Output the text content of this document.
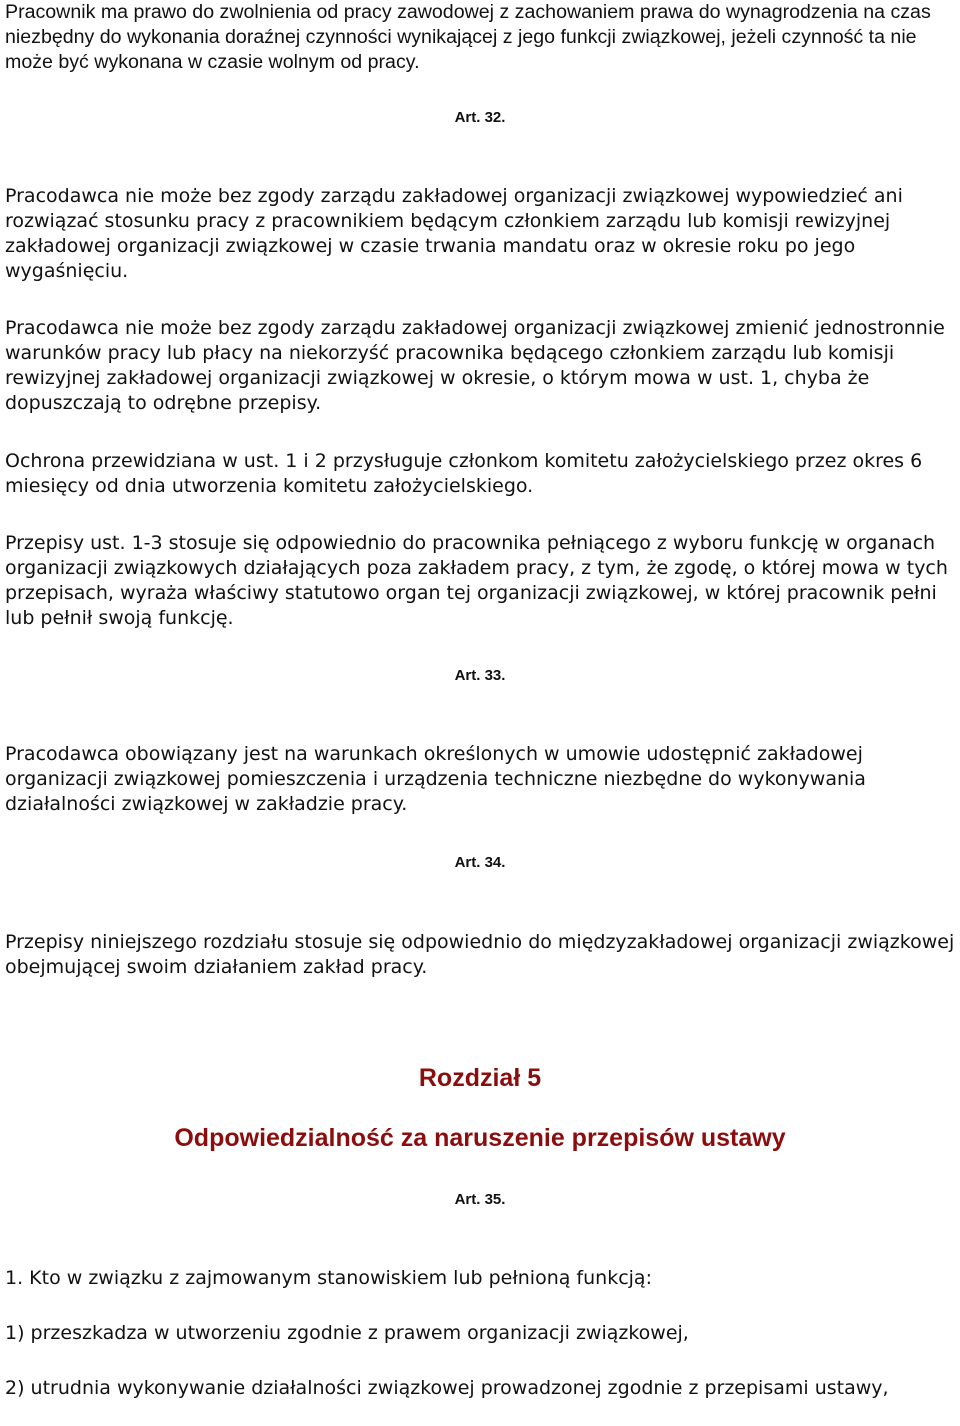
Pracownik ma prawo do zwolnienia od pracy zawodowej z zachowaniem prawa do wynagrodzenia na czas niezbędny do wykonania doraźnej czynności wynikającej z jego funkcji związkowej, jeżeli czynność ta nie może być wykonana w czasie wolnym od pracy.

Art. 32.

Pracodawca nie może bez zgody zarządu zakładowej organizacji związkowej wypowiedzieć ani rozwiązać stosunku pracy z pracownikiem będącym członkiem zarządu lub komisji rewizyjnej zakładowej organizacji związkowej w czasie trwania mandatu oraz w okresie roku po jego wygaśnięciu.

Pracodawca nie może bez zgody zarządu zakładowej organizacji związkowej zmienić jednostronnie warunków pracy lub płacy na niekorzyść pracownika będącego członkiem zarządu lub komisji rewizyjnej zakładowej organizacji związkowej w okresie, o którym mowa w ust. 1, chyba że dopuszczają to odrębne przepisy.

Ochrona przewidziana w ust. 1 i 2 przysługuje członkom komitetu założycielskiego przez okres 6 miesięcy od dnia utworzenia komitetu założycielskiego.

Przepisy ust. 1-3 stosuje się odpowiednio do pracownika pełniącego z wyboru funkcję w organach organizacji związkowych działających poza zakładem pracy, z tym, że zgodę, o której mowa w tych przepisach, wyraża właściwy statutowo organ tej organizacji związkowej, w której pracownik pełni lub pełnił swoją funkcję.

Art. 33.

Pracodawca obowiązany jest na warunkach określonych w umowie udostępnić zakładowej organizacji związkowej pomieszczenia i urządzenia techniczne niezbędne do wykonywania działalności związkowej w zakładzie pracy.

Art. 34.

Przepisy niniejszego rozdziału stosuje się odpowiednio do międzyzakładowej organizacji związkowej obejmującej swoim działaniem zakład pracy.

Rozdział 5

Odpowiedzialność za naruszenie przepisów ustawy

Art. 35.

1. Kto w związku z zajmowanym stanowiskiem lub pełnioną funkcją:

1) przeszkadza w utworzeniu zgodnie z prawem organizacji związkowej,

2) utrudnia wykonywanie działalności związkowej prowadzonej zgodnie z przepisami ustawy,
